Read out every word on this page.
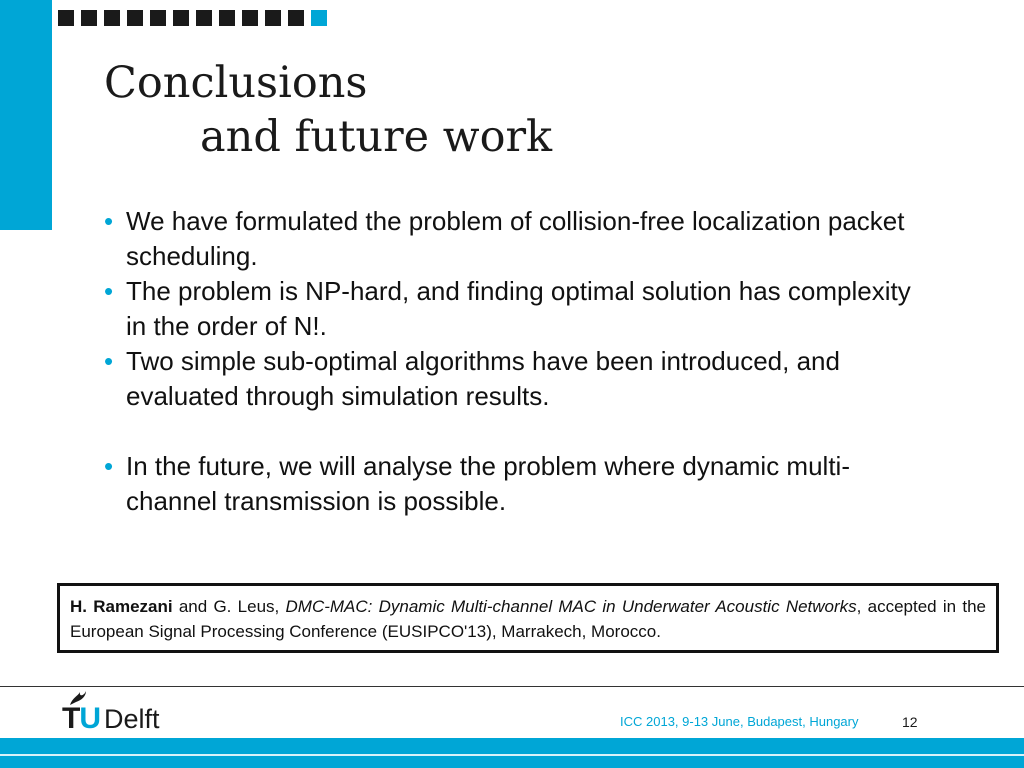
Conclusions
and future work
• We have formulated the problem of collision-free localization packet scheduling.
• The problem is NP-hard, and finding optimal solution has complexity in the order of N!.
• Two simple sub-optimal algorithms have been introduced, and evaluated through simulation results.
• In the future, we will analyse the problem where dynamic multi-channel transmission is possible.
H. Ramezani and G. Leus, DMC-MAC: Dynamic Multi-channel MAC in Underwater Acoustic Networks, accepted in the European Signal Processing Conference (EUSIPCO'13), Marrakech, Morocco.
TU Delft	ICC 2013, 9-13 June, Budapest, Hungary	12
